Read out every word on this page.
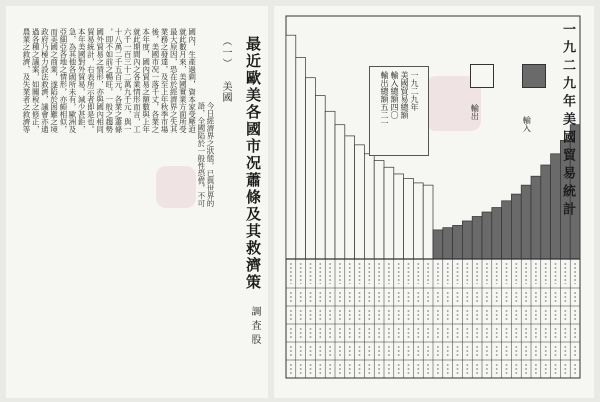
最近歐美各國市况蕭條及其救濟策
調査股
（一） 美國
今日經濟界之狀態，已與世界的
語，全國陷於一般性恐慌，不可
國內，生產過剩，資本家受壓迫
就此數月來，美國實業方面所受
最大原因，恐在於經濟界之失其
業務之發達，及至上年秋季市場
後，美國市况一落千丈，各業之
本年度，國內貿易之額數與上年
就此期間內之各業情形而言，工
六千一百三十二萬九千元，與一
十八萬二千五百元，各業之蕭條
，即不如前之暢旺，一般之趨勢
國外貿易之情形，亦與國內相同
貿易統計，右表所示者即是也。
本年美國對外貿易，減少甚鉅，
急，為其他各國所未有，歐洲及
亞細亞各地之情形，亦頗相似，
而美國之商業，遂陷於困難之境
政府乃極力設法救濟，議會亦通
過各種之議案，如關稅之修正，
農業之救濟，及失業者之救濟等	一九二九年美國貿易統計
一九二九年
美國貿易總額
輸入總額四〇
輸出總額五二一	輸入
輸出
